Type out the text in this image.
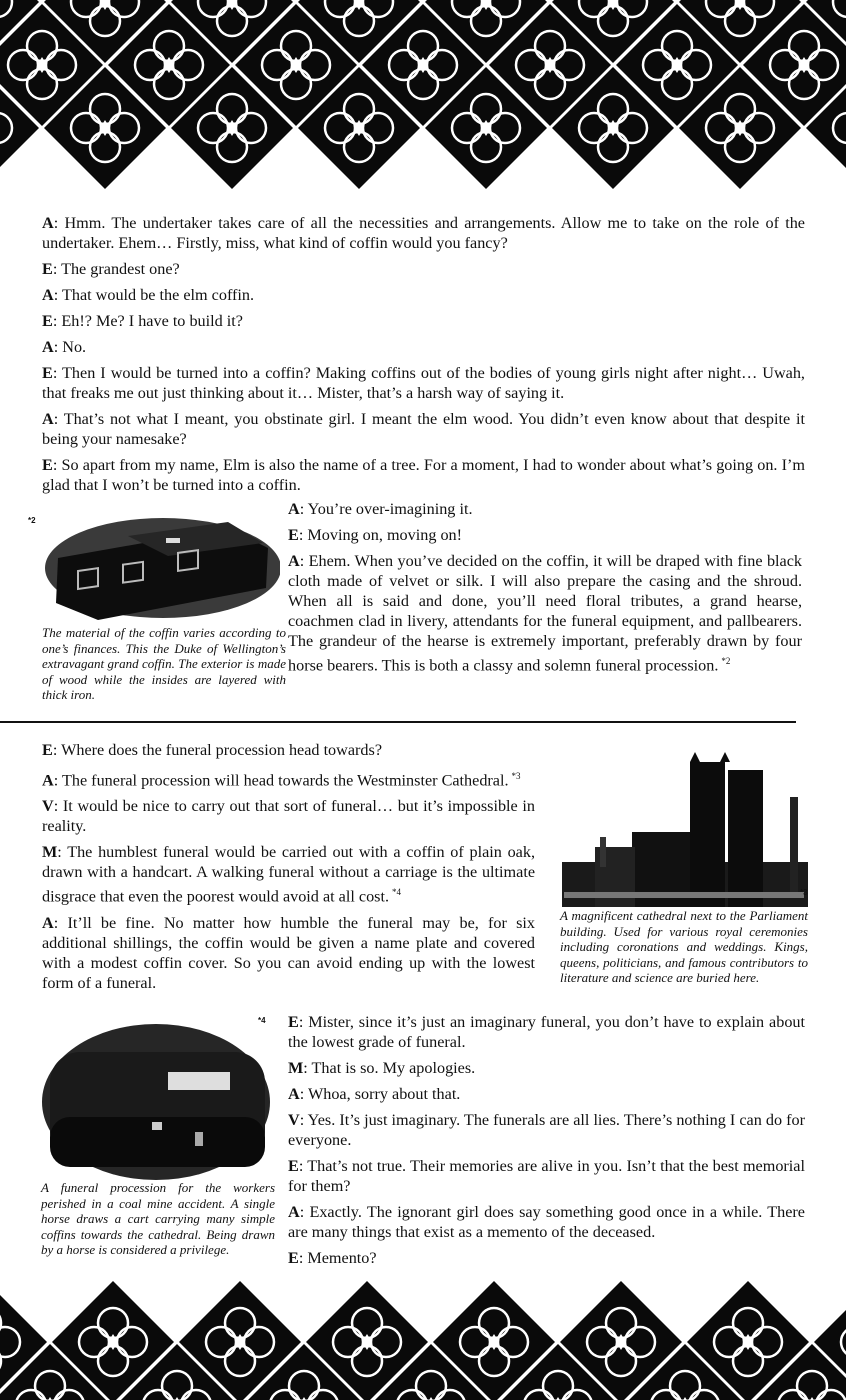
A: Hmm. The undertaker takes care of all the necessities and arrangements. Allow me to take on the role of the undertaker. Ehem… Firstly, miss, what kind of coffin would you fancy?

E: The grandest one?

A: That would be the elm coffin.

E: Eh!? Me? I have to build it?

A: No.

E: Then I would be turned into a coffin? Making coffins out of the bodies of young girls night after night… Uwah, that freaks me out just thinking about it… Mister, that’s a harsh way of saying it.

A: That’s not what I meant, you obstinate girl. I meant the elm wood. You didn’t even know about that despite it being your namesake?

E: So apart from my name, Elm is also the name of a tree. For a moment, I had to wonder about what’s going on. I’m glad that I won’t be turned into a coffin.

*2
The material of the coffin varies according to one’s finances. This the Duke of Wellington’s extravagant grand coffin. The exterior is made of wood while the insides are layered with thick iron.

A: You’re over-imagining it.

E: Moving on, moving on!

A: Ehem. When you’ve decided on the coffin, it will be draped with fine black cloth made of velvet or silk. I will also prepare the casing and the shroud. When all is said and done, you’ll need floral tributes, a grand hearse, coachmen clad in livery, attendants for the funeral equipment, and pallbearers. The grandeur of the hearse is extremely important, preferably drawn by four horse bearers. This is both a classy and solemn funeral procession. $^{*2}$

E: Where does the funeral procession head towards?

A: The funeral procession will head towards the Westminster Cathedral. $^{*3}$

V: It would be nice to carry out that sort of funeral… but it’s impossible in reality.

M: The humblest funeral would be carried out with a coffin of plain oak, drawn with a handcart. A walking funeral without a carriage is the ultimate disgrace that even the poorest would avoid at all cost. $^{*4}$

A: It’ll be fine. No matter how humble the funeral may be, for six additional shillings, the coffin would be given a name plate and covered with a modest coffin cover. So you can avoid ending up with the lowest form of a funeral.

*3
A magnificent cathedral next to the Parliament building. Used for various royal ceremonies including coronations and weddings. Kings, queens, politicians, and famous contributors to literature and science are buried here.
*4
A funeral procession for the workers perished in a coal mine accident. A single horse draws a cart carrying many simple coffins towards the cathedral. Being drawn by a horse is considered a privilege.

E: Mister, since it’s just an imaginary funeral, you don’t have to explain about the lowest grade of funeral.

M: That is so. My apologies.

A: Whoa, sorry about that.

V: Yes. It’s just imaginary. The funerals are all lies. There’s nothing I can do for everyone.

E: That’s not true. Their memories are alive in you. Isn’t that the best memorial for them?

A: Exactly. The ignorant girl does say something good once in a while. There are many things that exist as a memento of the deceased.

E: Memento?
